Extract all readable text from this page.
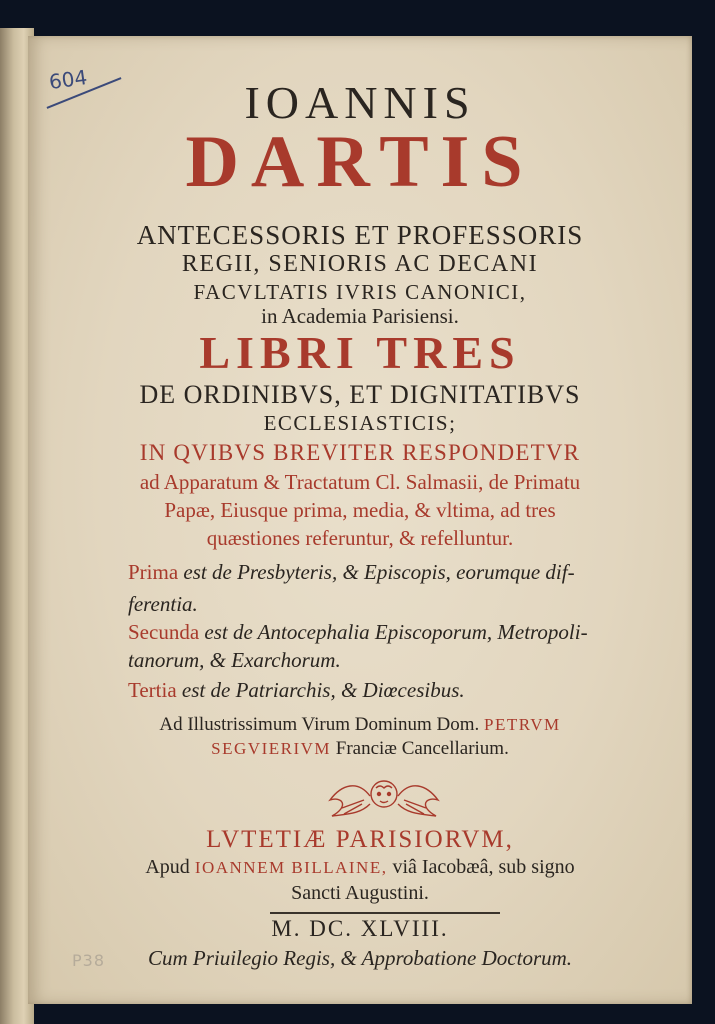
604	IOANNIS
DARTIS
ANTECESSORIS ET PROFESSORIS
REGII, SENIORIS AC DECANI
FACVLTATIS IVRIS CANONICI,
in Academia Parisiensi.
LIBRI TRES
DE ORDINIBVS, ET DIGNITATIBVS
ECCLESIASTICIS;
IN QVIBVS BREVITER RESPONDETVR
ad Apparatum & Tractatum Cl. Salmasii, de Primatu
Papæ, Eiusque prima, media, & vltima, ad tres
quæstiones referuntur, & refelluntur.
Prima est de Presbyteris, & Episcopis, eorumque dif-
ferentia.
Secunda est de Antocephalia Episcoporum, Metropoli-
tanorum, & Exarchorum.
Tertia est de Patriarchis, & Diœcesibus.
Ad Illustrissimum Virum Dominum Dom. PETRVM
SEGVIERIVM Franciæ Cancellarium.
LVTETIÆ PARISIORVM,
Apud IOANNEM BILLAINE, viâ Iacobæâ, sub signo
Sancti Augustini.
M. DC. XLVIII.
Cum Priuilegio Regis, & Approbatione Doctorum.
P38
